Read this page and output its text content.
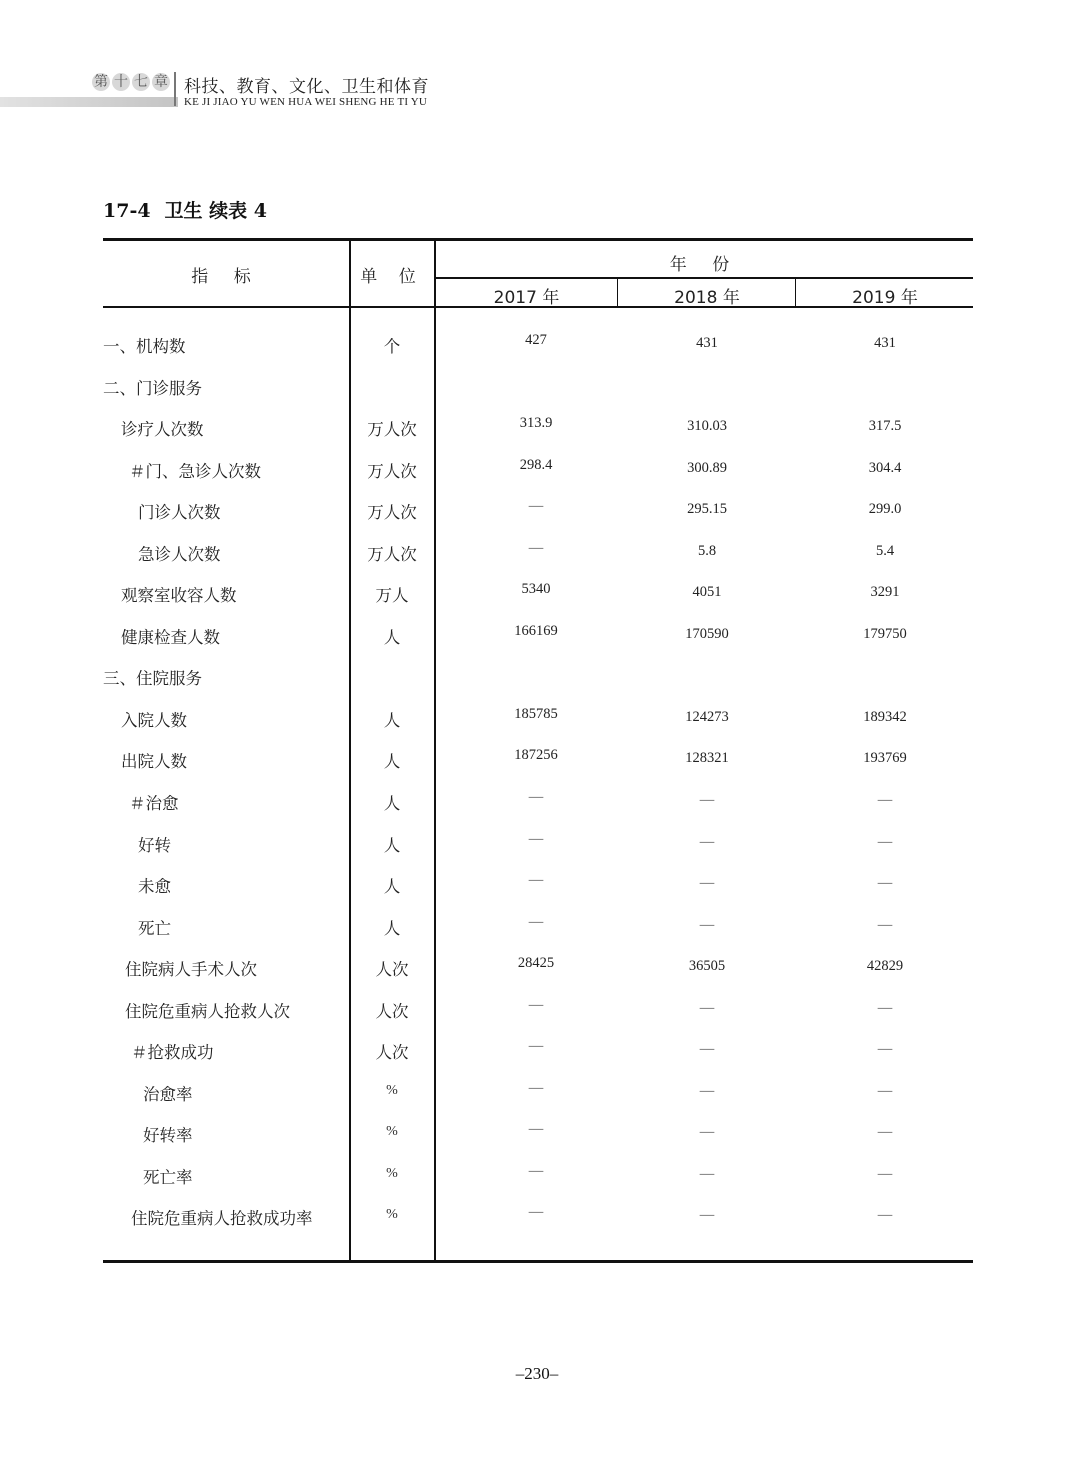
第 十 七 章 科技、教育、文化、卫生和体育
KE JI JIAO YU WEN HUA WEI SHENG HE TI YU
17-4 卫生 续表 4
指 标	单 位
年 份
2017 年	2018 年	2019 年
一、机构数	个	427	431	431
二、门诊服务
诊疗人次数	万人次	313.9	310.03	317.5
＃门、急诊人次数	万人次	298.4	300.89	304.4
门诊人次数	万人次	—	295.15	299.0
急诊人次数	万人次	—	5.8	5.4
观察室收容人数	万人	5340	4051	3291
健康检查人数	人	166169	170590	179750
三、住院服务
入院人数	人	185785	124273	189342
出院人数	人	187256	128321	193769
＃治愈	人	—	—	—
好转	人	—	—	—
未愈	人	—	—	—
死亡	人	—	—	—
住院病人手术人次	人次	28425	36505	42829
住院危重病人抢救人次	人次	—	—	—
＃抢救成功	人次	—	—	—
治愈率	%	—	—	—
好转率	%	—	—	—
死亡率	%	—	—	—
住院危重病人抢救成功率	%	—	—	—
–230–
